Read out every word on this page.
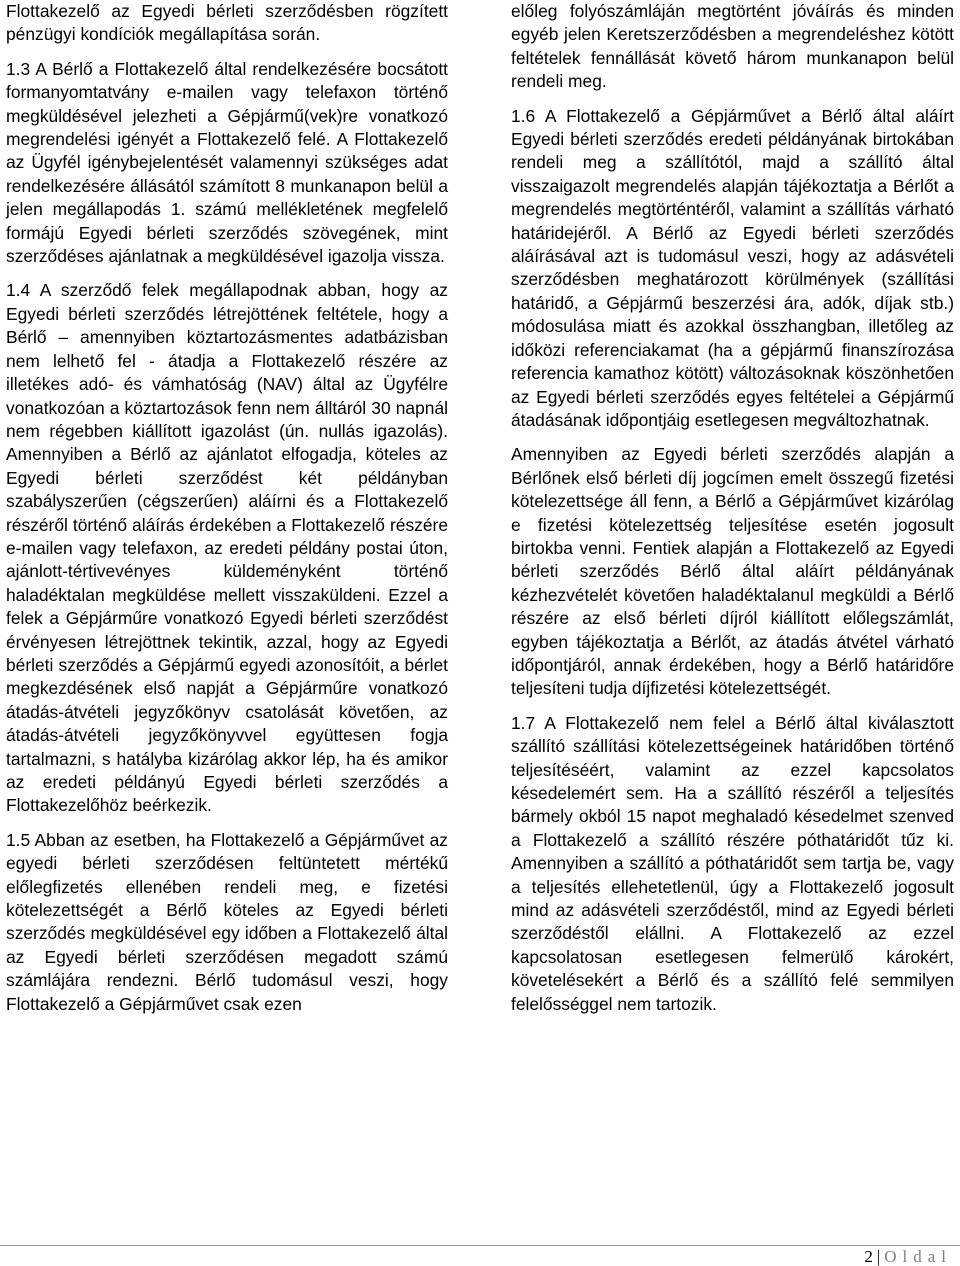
Flottakezelő az Egyedi bérleti szerződésben rögzített pénzügyi kondíciók megállapítása során.

1.3 A Bérlő a Flottakezelő által rendelkezésére bocsátott formanyomtatvány e-mailen vagy telefaxon történő megküldésével jelezheti a Gépjármű(vek)re vonatkozó megrendelési igényét a Flottakezelő felé. A Flottakezelő az Ügyfél igénybejelentését valamennyi szükséges adat rendelkezésére állásától számított 8 munkanapon belül a jelen megállapodás 1. számú mellékletének megfelelő formájú Egyedi bérleti szerződés szövegének, mint szerződéses ajánlatnak a megküldésével igazolja vissza.

1.4 A szerződő felek megállapodnak abban, hogy az Egyedi bérleti szerződés létrejöttének feltétele, hogy a Bérlő – amennyiben köztartozásmentes adatbázisban nem lelhető fel - átadja a Flottakezelő részére az illetékes adó- és vámhatóság (NAV) által az Ügyfélre vonatkozóan a köztartozások fenn nem álltáról 30 napnál nem régebben kiállított igazolást (ún. nullás igazolás). Amennyiben a Bérlő az ajánlatot elfogadja, köteles az Egyedi bérleti szerződést két példányban szabályszerűen (cégszerűen) aláírni és a Flottakezelő részéről történő aláírás érdekében a Flottakezelő részére e-mailen vagy telefaxon, az eredeti példány postai úton, ajánlott-tértivevényes küldeményként történő haladéktalan megküldése mellett visszaküldeni. Ezzel a felek a Gépjárműre vonatkozó Egyedi bérleti szerződést érvényesen létrejöttnek tekintik, azzal, hogy az Egyedi bérleti szerződés a Gépjármű egyedi azonosítóit, a bérlet megkezdésének első napját a Gépjárműre vonatkozó átadás-átvételi jegyzőkönyv csatolását követően, az átadás-átvételi jegyzőkönyvvel együttesen fogja tartalmazni, s hatályba kizárólag akkor lép, ha és amikor az eredeti példányú Egyedi bérleti szerződés a Flottakezelőhöz beérkezik.

1.5 Abban az esetben, ha Flottakezelő a Gépjárművet az egyedi bérleti szerződésen feltüntetett mértékű előlegfizetés ellenében rendeli meg, e fizetési kötelezettségét a Bérlő köteles az Egyedi bérleti szerződés megküldésével egy időben a Flottakezelő által az Egyedi bérleti szerződésen megadott számú számlájára rendezni. Bérlő tudomásul veszi, hogy Flottakezelő a Gépjárművet csak ezen

előleg folyószámláján megtörtént jóváírás és minden egyéb jelen Keretszerződésben a megrendeléshez kötött feltételek fennállását követő három munkanapon belül rendeli meg.

1.6 A Flottakezelő a Gépjárművet a Bérlő által aláírt Egyedi bérleti szerződés eredeti példányának birtokában rendeli meg a szállítótól, majd a szállító által visszaigazolt megrendelés alapján tájékoztatja a Bérlőt a megrendelés megtörténtéről, valamint a szállítás várható határidejéről. A Bérlő az Egyedi bérleti szerződés aláírásával azt is tudomásul veszi, hogy az adásvételi szerződésben meghatározott körülmények (szállítási határidő, a Gépjármű beszerzési ára, adók, díjak stb.) módosulása miatt és azokkal összhangban, illetőleg az időközi referenciakamat (ha a gépjármű finanszírozása referencia kamathoz kötött) változásoknak köszönhetően az Egyedi bérleti szerződés egyes feltételei a Gépjármű átadásának időpontjáig esetlegesen megváltozhatnak.

Amennyiben az Egyedi bérleti szerződés alapján a Bérlőnek első bérleti díj jogcímen emelt összegű fizetési kötelezettsége áll fenn, a Bérlő a Gépjárművet kizárólag e fizetési kötelezettség teljesítése esetén jogosult birtokba venni. Fentiek alapján a Flottakezelő az Egyedi bérleti szerződés Bérlő által aláírt példányának kézhezvételét követően haladéktalanul megküldi a Bérlő részére az első bérleti díjról kiállított előlegszámlát, egyben tájékoztatja a Bérlőt, az átadás átvétel várható időpontjáról, annak érdekében, hogy a Bérlő határidőre teljesíteni tudja díjfizetési kötelezettségét.

1.7 A Flottakezelő nem felel a Bérlő által kiválasztott szállító szállítási kötelezettségeinek határidőben történő teljesítéséért, valamint az ezzel kapcsolatos késedelemért sem. Ha a szállító részéről a teljesítés bármely okból 15 napot meghaladó késedelmet szenved a Flottakezelő a szállító részére póthatáridőt tűz ki. Amennyiben a szállító a póthatáridőt sem tartja be, vagy a teljesítés ellehetetlenül, úgy a Flottakezelő jogosult mind az adásvételi szerződéstől, mind az Egyedi bérleti szerződéstől elállni. A Flottakezelő az ezzel kapcsolatosan esetlegesen felmerülő károkért, követelésekért a Bérlő és a szállító felé semmilyen felelősséggel nem tartozik.

2 | Oldal
